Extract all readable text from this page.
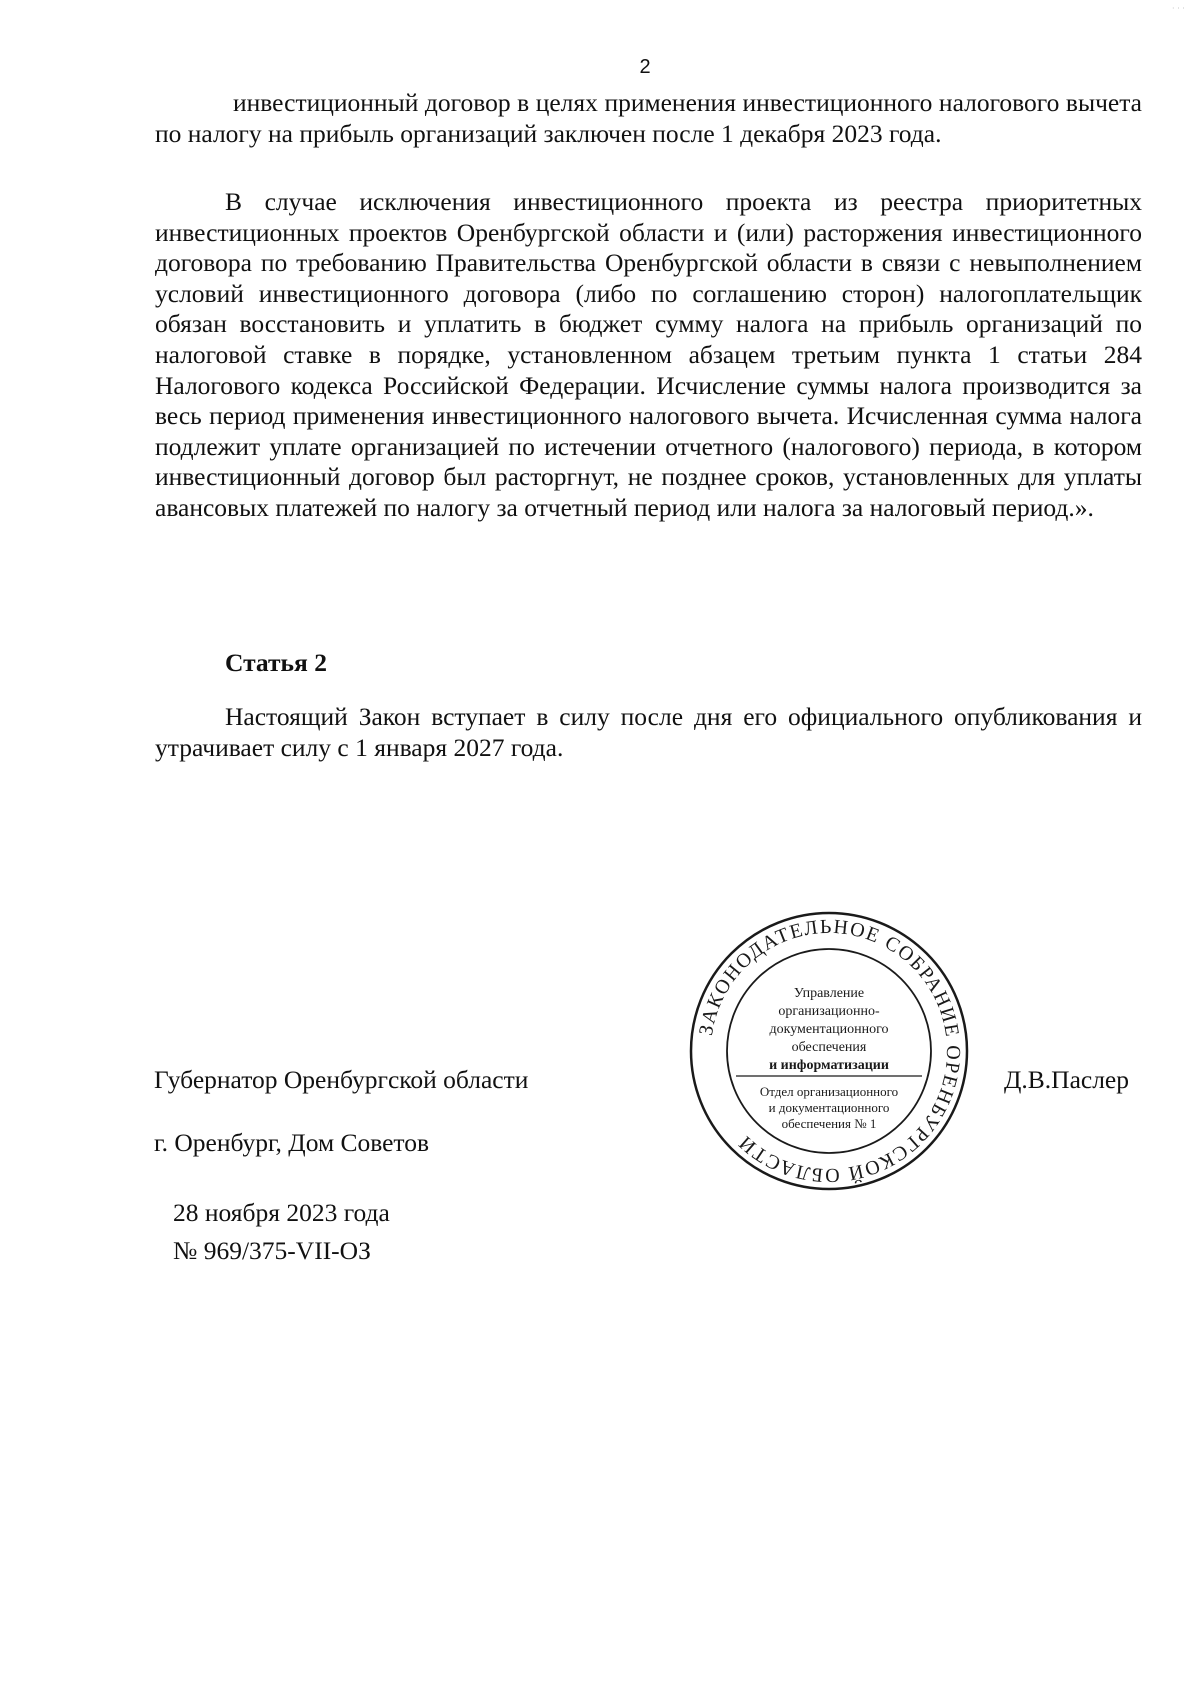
· · ·
2

инвестиционный договор в целях применения инвестиционного налогового вычета по налогу на прибыль организаций заключен после 1 декабря 2023 года.

В случае исключения инвестиционного проекта из реестра приоритетных инвестиционных проектов Оренбургской области и (или) расторжения инвестиционного договора по требованию Правительства Оренбургской области в связи с невыполнением условий инвестиционного договора (либо по соглашению сторон) налогоплательщик обязан восстановить и уплатить в бюджет сумму налога на прибыль организаций по налоговой ставке в порядке, установленном абзацем третьим пункта 1 статьи 284 Налогового кодекса Российской Федерации. Исчисление суммы налога производится за весь период применения инвестиционного налогового вычета. Исчисленная сумма налога подлежит уплате организацией по истечении отчетного (налогового) периода, в котором инвестиционный договор был расторгнут, не позднее сроков, установленных для уплаты авансовых платежей по налогу за отчетный период или налога за налоговый период.».

Статья 2

Настоящий Закон вступает в силу после дня его официального опубликования и утрачивает силу с 1 января 2027 года.

Губернатор Оренбургской области	Д.В.Паслер
г. Оренбург, Дом Советов
28 ноября 2023 года
№ 969/375-VII-ОЗ
ЗАКОНОДАТЕЛЬНОЕ СОБРАНИЕ ОРЕНБУРГСКОЙ ОБЛАСТИ
Управление
организационно-
документационного
обеспечения
и информатизации
Отдел организационного
и документационного
обеспечения № 1
